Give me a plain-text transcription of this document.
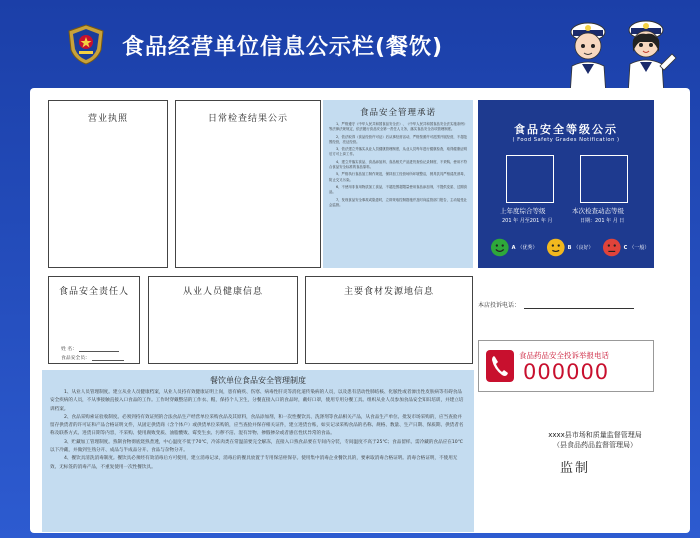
食品经营单位信息公示栏(餐饮)
营业执照	日常检查结果公示
食品安全管理承诺

1、严格遵守《中华人民共和国食品安全法》、《中华人民共和国食品安全法实施条例》等法律法规规定，依法履行食品安全第一责任人义务，落实食品安全各项管理制度。

2、依法取得《食品经营许可证》后从事经营活动，严格按照许可范围开展经营，不超范围经营，亮证经营。

3、依法建立并落实从业人员健康管理制度，从业人员每年进行健康检查，取得健康证明后方可上岗工作。

4、建立并落实食品、食品添加剂、食品相关产品进货查验记录制度，不采购、使用不符合食品安全标准的食品原料。

5、严格执行食品加工制作规范，保持加工经营场所环境整洁，餐具饮具严格清洗消毒，防止交叉污染。

6、不使用非食用物质加工食品，不超范围超限量使用食品添加剂，不提供变质、过期食品。

7、发现食品安全事故或隐患时，立即采取控制措施并及时向监管部门报告，主动接受社会监督。

食品安全等级公示
( Food Safety Grades Notification )
上年度综合等级	本次检查动态等级
201 年 月至201 年 月	日期：201 年 月 日
A （优秀）	B （良好）	C （一般）
食品安全责任人
姓 名：
食品安全员：
从业人员健康信息	主要食材发源地信息
本店投诉电话：
食品药品安全投诉举报电话
000000
xxxx县市场和质量监督管理局
（县食品药品监督管理局）
监制
餐饮单位食品安全管理制度

1、从业人员管理制度。建立从业人员健康档案，从业人员持有效健康证明上岗，患有痢疾、伤寒、病毒性肝炎等消化道传染病的人员，以及患有活动性肺结核、化脓性或者渗出性皮肤病等有碍食品安全疾病的人员，不从事接触直接入口食品的工作。工作时穿戴整洁的工作衣、帽，保持个人卫生，分餐直接入口的食品时，戴好口罩，使用专用分餐工具。组织从业人员参加食品安全知识培训，并建立培训档案。

2、食品采购索证验收制度。必须到持有效证照的合法食品生产经营单位采购食品及其原料，食品添加剂，和一次性餐饮具、洗涤剂等食品相关产品，从食品生产单位、批发市场采购的，应当查验并留存供货者的许可证和产品合格证明文件，从固定供货商（含个体户）或供货单位采购的，应当查验并保存相关证件，建立进货台账，如实记录采购食品的名称、规格、数量、生产日期、保质期、供货者名称及联系方式、进货日期等内容，不采购、使用腐败变质、油脂酸败、霉变生虫、污秽不洁、混有异物、掺假掺杂或者感官性状异常的食品。

3、贮藏加工管理制度。熟制食物彻底烧熟煮透，中心温度不低于70℃，冷冻肉类在常温前要完全解冻，直接入口熟食品要在专间内分装，专间温度不高于25℃；食品留样。需冷藏的食品应在10℃以下冷藏，并做到生熟分开、成品与半成品分开、食品与杂物分开。

4、餐饮具清洗消毒制度。餐饮具必须经有效消毒后方可使用，建立消毒记录，消毒后的餐具放置于专用保洁柜保存。使用集中消毒企业餐饮具的，要索取消毒合格证明。消毒合格证明，不使用无效、无标签的消毒产品，不重复使用一次性餐饮具。
